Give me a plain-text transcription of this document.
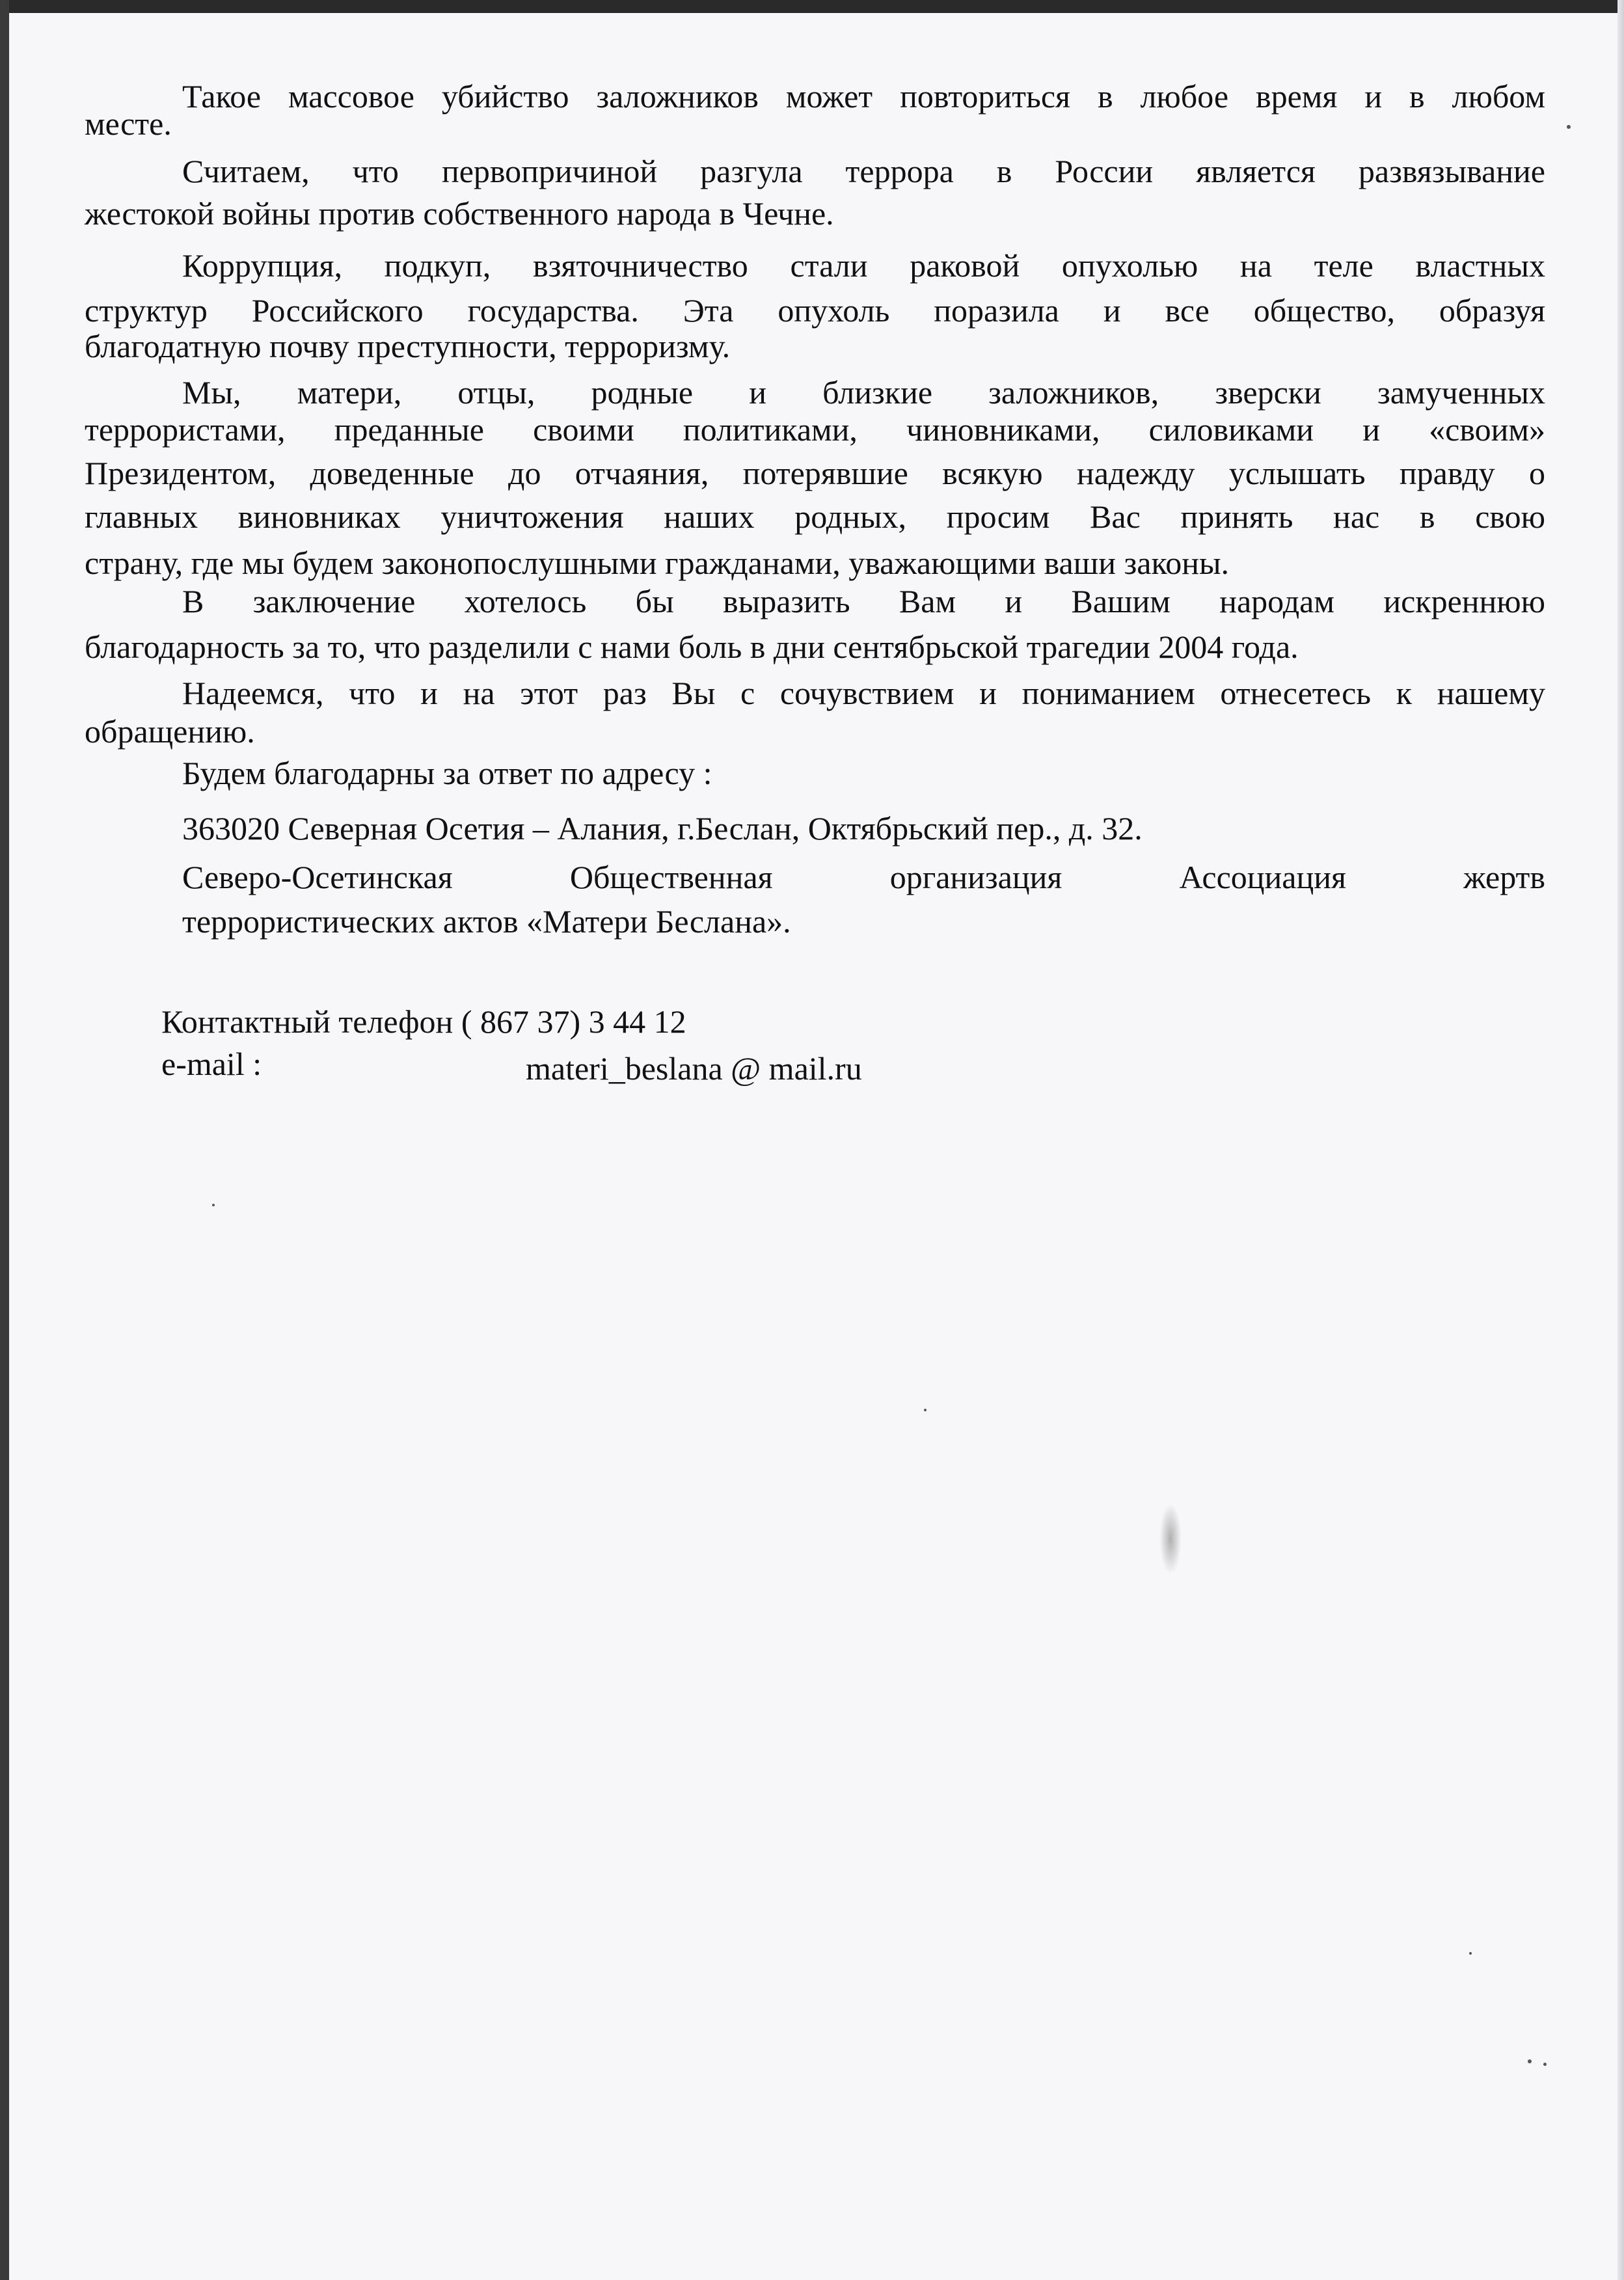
Такое массовое убийство заложников может повториться в любое время и в любом

месте.

Считаем, что первопричиной разгула террора в России является развязывание

жестокой войны против собственного народа в Чечне.

Коррупция, подкуп, взяточничество стали раковой опухолью на теле властных

структур Российского государства. Эта опухоль поразила и все общество, образуя

благодатную почву преступности, терроризму.

Мы, матери, отцы, родные и близкие заложников, зверски замученных

террористами, преданные своими политиками, чиновниками, силовиками и «своим»

Президентом, доведенные до отчаяния, потерявшие всякую надежду услышать правду о

главных виновниках уничтожения наших родных, просим Вас принять нас в свою

страну, где мы будем законопослушными гражданами, уважающими ваши законы.

В заключение хотелось бы выразить Вам и Вашим народам искреннюю

благодарность за то, что разделили с нами боль в дни сентябрьской трагедии 2004 года.

Надеемся, что и на этот раз Вы с сочувствием и пониманием отнесетесь к нашему

обращению.

Будем благодарны за ответ по адресу :

363020 Северная Осетия – Алания, г.Беслан, Октябрьский пер., д. 32.

Северо-Осетинская Общественная организация Ассоциация жертв

террористических актов «Матери Беслана».

Контактный телефон ( 867 37) 3 44 12

e-mail :	materi_beslana @ mail.ru
